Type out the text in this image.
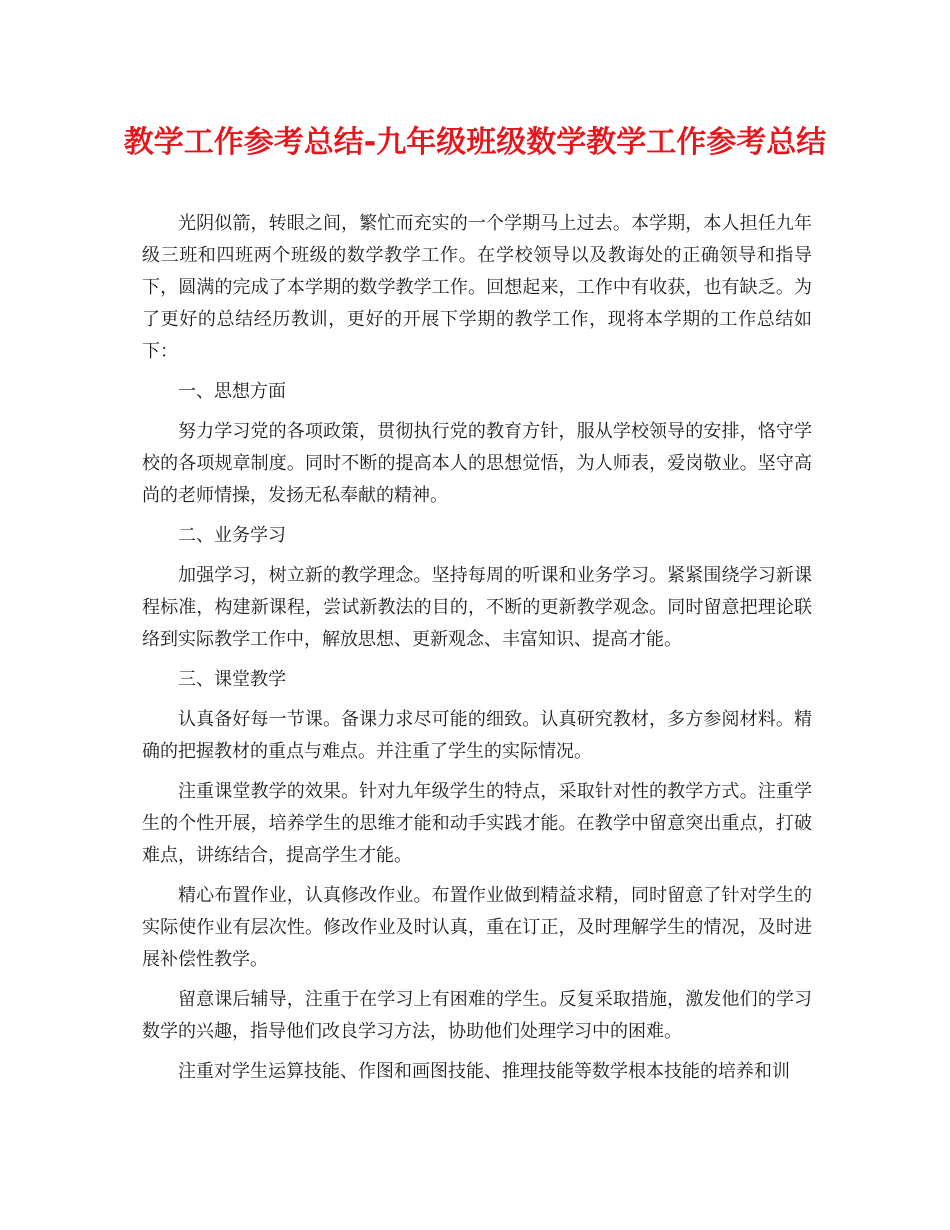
教学工作参考总结-九年级班级数学教学工作参考总结

光阴似箭，转眼之间，繁忙而充实的一个学期马上过去。本学期，本人担任九年级三班和四班两个班级的数学教学工作。在学校领导以及教诲处的正确领导和指导下，圆满的完成了本学期的数学教学工作。回想起来，工作中有收获，也有缺乏。为了更好的总结经历教训，更好的开展下学期的教学工作，现将本学期的工作总结如下：

一、思想方面

努力学习党的各项政策，贯彻执行党的教育方针，服从学校领导的安排，恪守学校的各项规章制度。同时不断的提高本人的思想觉悟，为人师表，爱岗敬业。坚守高尚的老师情操，发扬无私奉献的精神。

二、业务学习

加强学习，树立新的教学理念。坚持每周的听课和业务学习。紧紧围绕学习新课程标准，构建新课程，尝试新教法的目的，不断的更新教学观念。同时留意把理论联络到实际教学工作中，解放思想、更新观念、丰富知识、提高才能。

三、课堂教学

认真备好每一节课。备课力求尽可能的细致。认真研究教材，多方参阅材料。精确的把握教材的重点与难点。并注重了学生的实际情况。

注重课堂教学的效果。针对九年级学生的特点，采取针对性的教学方式。注重学生的个性开展，培养学生的思维才能和动手实践才能。在教学中留意突出重点，打破难点，讲练结合，提高学生才能。

精心布置作业，认真修改作业。布置作业做到精益求精，同时留意了针对学生的实际使作业有层次性。修改作业及时认真，重在订正，及时理解学生的情况，及时进展补偿性教学。

留意课后辅导，注重于在学习上有困难的学生。反复采取措施，激发他们的学习数学的兴趣，指导他们改良学习方法，协助他们处理学习中的困难。

注重对学生运算技能、作图和画图技能、推理技能等数学根本技能的培养和训
